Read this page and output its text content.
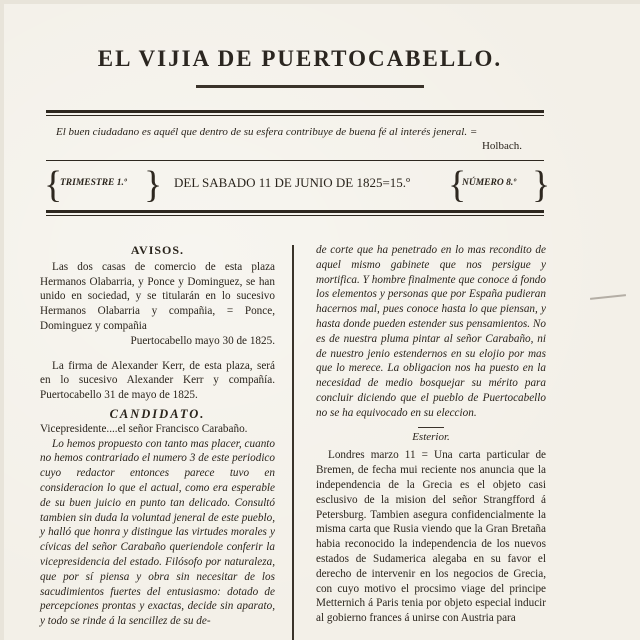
EL VIJIA DE PUERTOCABELLO.
El buen ciudadano es aquél que dentro de su esfera contribuye de buena fé al interés jeneral. =
Holbach.
{
TRIMESTRE 1.º } DEL SABADO 11 DE JUNIO DE 1825=15.º {
NÚMERO 8.º }
AVISOS.

Las dos casas de comercio de esta plaza Hermanos Olabarria, y Ponce y Dominguez, se han unido en sociedad, y se titularán en lo sucesivo Hermanos Olabarria y compañia, = Ponce, Dominguez y compañia

Puertocabello mayo 30 de 1825.

La firma de Alexander Kerr, de esta plaza, será en lo sucesivo Alexander Kerr y compañía. Puertocabello 31 de mayo de 1825.

CANDIDATO.

Vicepresidente....el señor Francisco Carabaño.

Lo hemos propuesto con tanto mas placer, cuanto no hemos contrariado el numero 3 de este periodico cuyo redactor entonces parece tuvo en consideracion lo que el actual, como era esperable de su buen juicio en punto tan delicado. Consultó tambien sin duda la voluntad jeneral de este pueblo, y halló que honra y distingue las virtudes morales y cívicas del señor Carabaño queriendole conferir la vicepresidencia del estado. Filósofo por naturaleza, que por sí piensa y obra sin necesitar de los sacudimientos fuertes del entusiasmo: dotado de percepciones prontas y exactas, decide sin aparato, y todo se rinde á la sencillez de su de-

de corte que ha penetrado en lo mas recondito de aquel mismo gabinete que nos persigue y mortifica. Y hombre finalmente que conoce á fondo los elementos y personas que por España pudieran hacernos mal, pues conoce hasta lo que piensan, y hasta donde pueden estender sus pensamientos. No es de nuestra pluma pintar al señor Carabaño, ni de nuestro jenio estendernos en su elojio por mas que lo merece. La obligacion nos ha puesto en la necesidad de medio bosquejar su mérito para concluir diciendo que el pueblo de Puertocabello no se ha equivocado en su eleccion.

Esterior.

Londres marzo 11 = Una carta particular de Bremen, de fecha mui reciente nos anuncia que la independencia de la Grecia es el objeto casi esclusivo de la mision del señor Strangfford á Petersburg. Tambien asegura confidencialmente la misma carta que Rusia viendo que la Gran Bretaña habia reconocido la independencia de los nuevos estados de Sudamerica alegaba en su favor el derecho de intervenir en los negocios de Grecia, con cuyo motivo el procsimo viage del principe Metternich á Paris tenia por objeto especial inducir al gobierno frances á unirse con Austria para
